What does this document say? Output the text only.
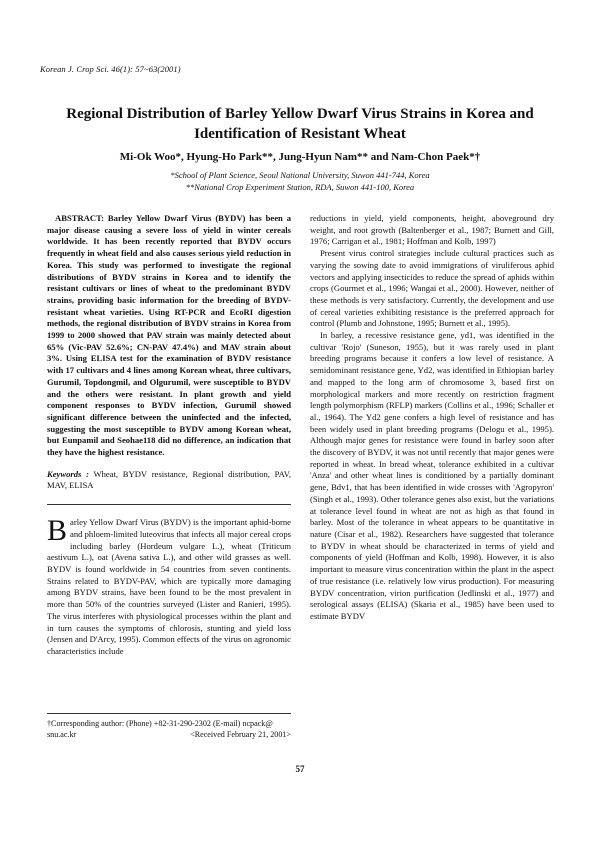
Korean J. Crop Sci. 46(1): 57~63(2001)
Regional Distribution of Barley Yellow Dwarf Virus Strains in Korea and Identification of Resistant Wheat
Mi-Ok Woo*, Hyung-Ho Park**, Jung-Hyun Nam** and Nam-Chon Paek*†
*School of Plant Science, Seoul National University, Suwon 441-744, Korea
**National Crop Experiment Station, RDA, Suwon 441-100, Korea

ABSTRACT: Barley Yellow Dwarf Virus (BYDV) has been a major disease causing a severe loss of yield in winter cereals worldwide. It has been recently reported that BYDV occurs frequently in wheat field and also causes serious yield reduction in Korea. This study was performed to investigate the regional distributions of BYDV strains in Korea and to identify the resistant cultivars or lines of wheat to the predominant BYDV strains, providing basic information for the breeding of BYDV-resistant wheat varieties. Using RT-PCR and EcoRI digestion methods, the regional distribution of BYDV strains in Korea from 1999 to 2000 showed that PAV strain was mainly detected about 65% (Vic-PAV 52.6%; CN-PAV 47.4%) and MAV strain about 3%. Using ELISA test for the examination of BYDV resistance with 17 cultivars and 4 lines among Korean wheat, three cultivars, Gurumil, Topdongmil, and Olgurumil, were susceptible to BYDV and the others were resistant. In plant growth and yield component responses to BYDV infection, Gurumil showed significant difference between the uninfected and the infected, suggesting the most susceptible to BYDV among Korean wheat, but Eunpamil and Seohae118 did no difference, an indication that they have the highest resistance.

Keywords : Wheat, BYDV resistance, Regional distribution, PAV, MAV, ELISA

Barley Yellow Dwarf Virus (BYDV) is the important aphid-borne and phloem-limited luteovirus that infects all major cereal crops including barley (Hordeum vulgare L.), wheat (Triticum aestivum L.), oat (Avena sativa L.), and other wild grasses as well. BYDV is found worldwide in 54 countries from seven continents. Strains related to BYDV-PAV, which are typically more damaging among BYDV strains, have been found to be the most prevalent in more than 50% of the countries surveyed (Lister and Ranieri, 1995). The virus interferes with physiological processes within the plant and in turn causes the symptoms of chlorosis, stunting and yield loss (Jensen and D'Arcy, 1995). Common effects of the virus on agronomic characteristics include

†Corresponding author: (Phone) +82-31-290-2302 (E-mail) ncpack@
snu.ac.kr	<Received February 21, 2001>

reductions in yield, yield components, height, aboveground dry weight, and root growth (Baltenberger et al., 1987; Burnett and Gill, 1976; Carrigan et al., 1981; Hoffman and Kolb, 1997)

Present virus control strategies include cultural practices such as varying the sowing date to avoid immigrations of viruliferous aphid vectors and applying insecticides to reduce the spread of aphids within crops (Gourmet et al., 1996; Wangai et al., 2000). However, neither of these methods is very satisfactory. Currently, the development and use of cereal varieties exhibiting resistance is the preferred approach for control (Plumb and Johnstone, 1995; Burnett et al., 1995).

In barley, a recessive resistance gene, yd1, was identified in the cultivar 'Rojo' (Suneson, 1955), but it was rarely used in plant breeding programs because it confers a low level of resistance. A semidominant resistance gene, Yd2, was identified in Ethiopian barley and mapped to the long arm of chromosome 3, based first on morphological markers and more recently on restriction fragment length polymorphism (RFLP) markers (Collins et al., 1996; Schaller et al., 1964). The Yd2 gene confers a high level of resistance and has been widely used in plant breeding programs (Delogu et al., 1995). Although major genes for resistance were found in barley soon after the discovery of BYDV, it was not until recently that major genes were reported in wheat. In bread wheat, tolerance exhibited in a cultivar 'Anza' and other wheat lines is conditioned by a partially dominant gene, Bdv1, that has been identified in wide crosses with 'Agropyron' (Singh et al., 1993). Other tolerance genes also exist, but the variations at tolerance level found in wheat are not as high as that found in barley. Most of the tolerance in wheat appears to be quantitative in nature (Cisar et al., 1982). Researchers have suggested that tolerance to BYDV in wheat should be characterized in terms of yield and components of yield (Hoffman and Kolb, 1998). However, it is also important to measure virus concentration within the plant in the aspect of true resistance (i.e. relatively low virus production). For measuring BYDV concentration, virion purification (Jedlinski et al., 1977) and serological assays (ELISA) (Skaria et al., 1985) have been used to estimate BYDV

57
